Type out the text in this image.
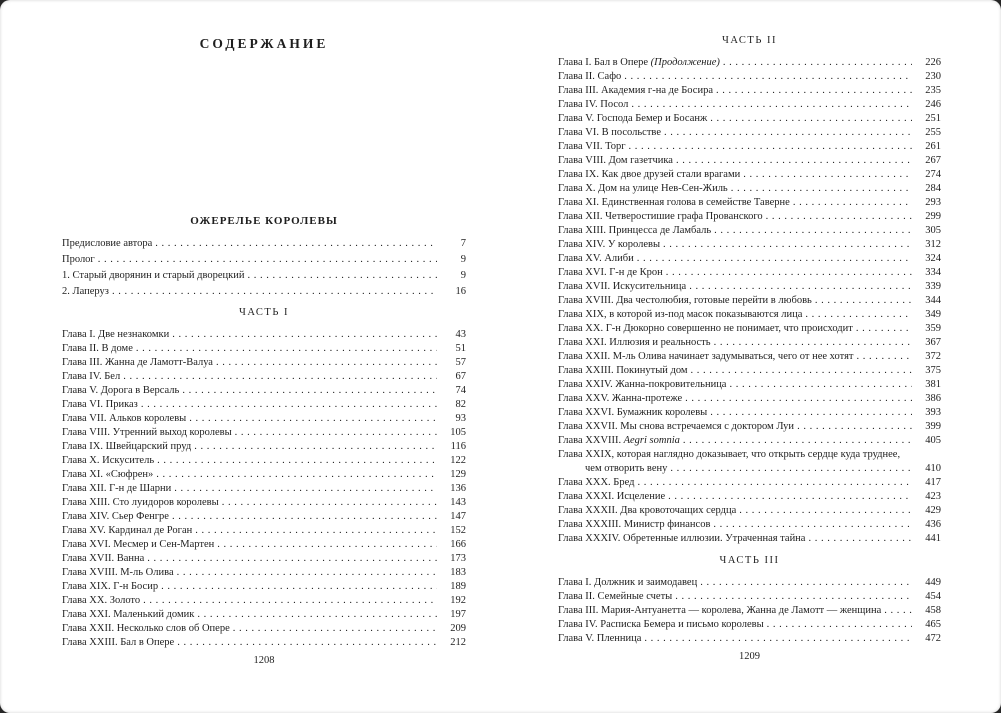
СОДЕРЖАНИЕ
ОЖЕРЕЛЬЕ КОРОЛЕВЫ
Предисловие автора . . .	7
Пролог . . .	9
1. Старый дворянин и старый дворецкий . . .	9
2. Лаперуз . . .	16
ЧАСТЬ I
Глава I. Две незнакомки . . .	43
Глава II. В доме . . .	51
Глава III. Жанна де Ламотт-Валуа . . .	57
Глава IV. Бел . . .	67
Глава V. Дорога в Версаль . . .	74
Глава VI. Приказ . . .	82
Глава VII. Альков королевы . . .	93
Глава VIII. Утренний выход королевы . . .	105
Глава IX. Швейцарский пруд . . .	116
Глава X. Искуситель . . .	122
Глава XI. «Сюфрен» . . .	129
Глава XII. Г-н де Шарни . . .	136
Глава XIII. Сто луидоров королевы . . .	143
Глава XIV. Сьер Фенгре . . .	147
Глава XV. Кардинал де Роган . . .	152
Глава XVI. Месмер и Сен-Мартен . . .	166
Глава XVII. Ванна . . .	173
Глава XVIII. М-ль Олива . . .	183
Глава XIX. Г-н Босир . . .	189
Глава XX. Золото . . .	192
Глава XXI. Маленький домик . . .	197
Глава XXII. Несколько слов об Опере . . .	209
Глава XXIII. Бал в Опере . . .	212
1208
ЧАСТЬ II
Глава I. Бал в Опере (Продолжение) . . .	226
Глава II. Сафо . . .	230
Глава III. Академия г-на де Босира . . .	235
Глава IV. Посол . . .	246
Глава V. Господа Бемер и Босанж . . .	251
Глава VI. В посольстве . . .	255
Глава VII. Торг . . .	261
Глава VIII. Дом газетчика . . .	267
Глава IX. Как двое друзей стали врагами . . .	274
Глава X. Дом на улице Нев-Сен-Жиль . . .	284
Глава XI. Единственная голова в семействе Таверне . . .	293
Глава XII. Четверостишие графа Прованского . . .	299
Глава XIII. Принцесса де Ламбаль . . .	305
Глава XIV. У королевы . . .	312
Глава XV. Алиби . . .	324
Глава XVI. Г-н де Крон . . .	334
Глава XVII. Искусительница . . .	339
Глава XVIII. Два честолюбия, готовые перейти в любовь . . .	344
Глава XIX, в которой из-под масок показываются лица . . .	349
Глава XX. Г-н Дюкорно совершенно не понимает, что происходит . . .	359
Глава XXI. Иллюзия и реальность . . .	367
Глава XXII. М-ль Олива начинает задумываться, чего от нее хотят . . .	372
Глава XXIII. Покинутый дом . . .	375
Глава XXIV. Жанна-покровительница . . .	381
Глава XXV. Жанна-протеже . . .	386
Глава XXVI. Бумажник королевы . . .	393
Глава XXVII. Мы снова встречаемся с доктором Луи . . .	399
Глава XXVIII. Aegri somnia . . .	405
Глава XXIX, которая наглядно доказывает, что открыть сердце куда труднее,
чем отворить вену . . .	410
Глава XXX. Бред . . .	417
Глава XXXI. Исцеление . . .	423
Глава XXXII. Два кровоточащих сердца . . .	429
Глава XXXIII. Министр финансов . . .	436
Глава XXXIV. Обретенные иллюзии. Утраченная тайна . . .	441
ЧАСТЬ III
Глава I. Должник и заимодавец . . .	449
Глава II. Семейные счеты . . .	454
Глава III. Мария-Антуанетта — королева, Жанна де Ламотт — женщина . . .	458
Глава IV. Расписка Бемера и письмо королевы . . .	465
Глава V. Пленница . . .	472
1209
